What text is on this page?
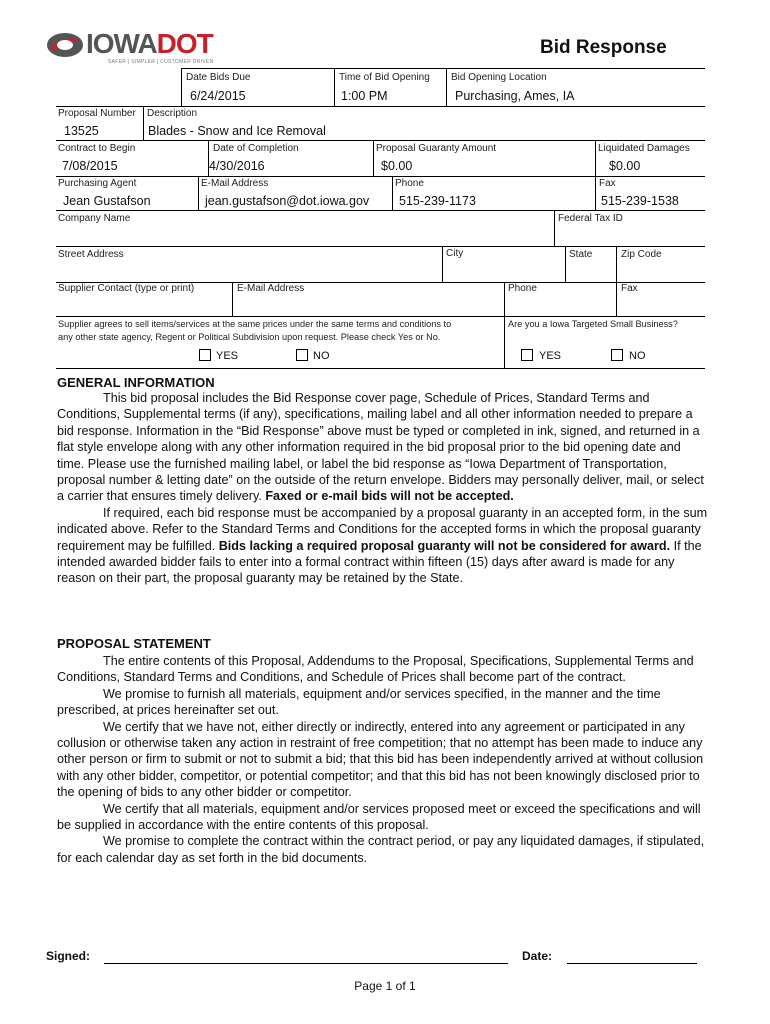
IOWADOT
SAFER | SIMPLER | CUSTOMER DRIVEN
Bid Response
Date Bids Due	Time of Bid Opening Bid Opening Location
6/24/2015	1:00 PM	Purchasing, Ames, IA
Proposal Number Description
13525	Blades - Snow and Ice Removal
Contract to Begin	Date of Completion	Proposal Guaranty Amount	Liquidated Damages
7/08/2015	4/30/2016	$0.00	$0.00
Purchasing Agent	E-Mail Address	Phone	Fax
Jean Gustafson	jean.gustafson@dot.iowa.gov 515-239-1173	515-239-1538
Company Name	Federal Tax ID
Street Address	City	State	Zip Code
Supplier Contact (type or print)	E-Mail Address	Phone	Fax
Supplier agrees to sell items/services at the same prices under the same terms and conditions to
any other state agency, Regent or Political Subdivision upon request. Please check Yes or No.
Are you a Iowa Targeted Small Business?
YES	NO	YES	NO
GENERAL INFORMATION

This bid proposal includes the Bid Response cover page, Schedule of Prices, Standard Terms and Conditions, Supplemental terms (if any), specifications, mailing label and all other information needed to prepare a bid response. Information in the “Bid Response” above must be typed or completed in ink, signed, and returned in a flat style envelope along with any other information required in the bid proposal prior to the bid opening date and time. Please use the furnished mailing label, or label the bid response as “Iowa Department of Transportation, proposal number & letting date” on the outside of the return envelope. Bidders may personally deliver, mail, or select a carrier that ensures timely delivery. Faxed or e-mail bids will not be accepted.

If required, each bid response must be accompanied by a proposal guaranty in an accepted form, in the sum indicated above. Refer to the Standard Terms and Conditions for the accepted forms in which the proposal guaranty requirement may be fulfilled. Bids lacking a required proposal guaranty will not be considered for award. If the intended awarded bidder fails to enter into a formal contract within fifteen (15) days after award is made for any reason on their part, the proposal guaranty may be retained by the State.

PROPOSAL STATEMENT

The entire contents of this Proposal, Addendums to the Proposal, Specifications, Supplemental Terms and Conditions, Standard Terms and Conditions, and Schedule of Prices shall become part of the contract.

We promise to furnish all materials, equipment and/or services specified, in the manner and the time prescribed, at prices hereinafter set out.

We certify that we have not, either directly or indirectly, entered into any agreement or participated in any collusion or otherwise taken any action in restraint of free competition; that no attempt has been made to induce any other person or firm to submit or not to submit a bid; that this bid has been independently arrived at without collusion with any other bidder, competitor, or potential competitor; and that this bid has not been knowingly disclosed prior to the opening of bids to any other bidder or competitor.

We certify that all materials, equipment and/or services proposed meet or exceed the specifications and will be supplied in accordance with the entire contents of this proposal.

We promise to complete the contract within the contract period, or pay any liquidated damages, if stipulated, for each calendar day as set forth in the bid documents.

Signed:	Date:
Page 1 of 1
